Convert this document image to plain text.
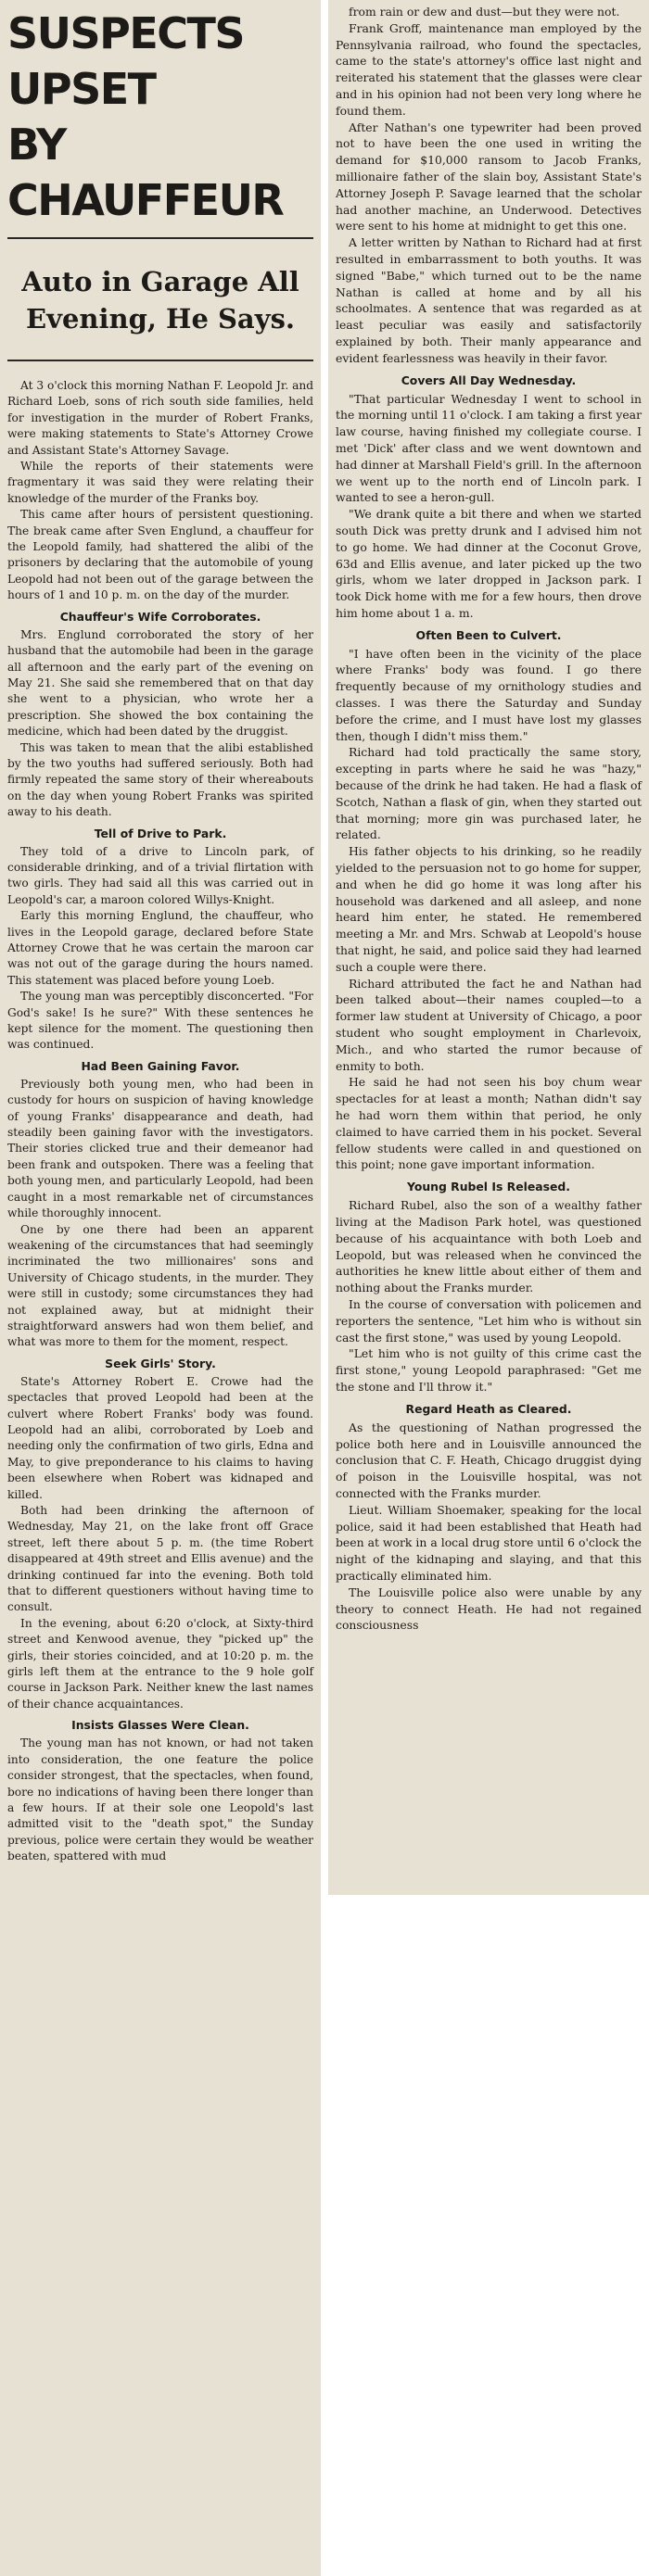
SUSPECTS UPSET
BY CHAUFFEUR
Auto in Garage All Evening, He Says.

At 3 o'clock this morning Nathan F. Leopold Jr. and Richard Loeb, sons of rich south side families, held for investigation in the murder of Robert Franks, were making statements to State's Attorney Crowe and Assistant State's Attorney Savage.

While the reports of their statements were fragmentary it was said they were relating their knowledge of the murder of the Franks boy.

This came after hours of persistent questioning. The break came after Sven Englund, a chauffeur for the Leopold family, had shattered the alibi of the prisoners by declaring that the automobile of young Leopold had not been out of the garage between the hours of 1 and 10 p. m. on the day of the murder.

Chauffeur's Wife Corroborates.

Mrs. Englund corroborated the story of her husband that the automobile had been in the garage all afternoon and the early part of the evening on May 21. She said she remembered that on that day she went to a physician, who wrote her a prescription. She showed the box containing the medicine, which had been dated by the druggist.

This was taken to mean that the alibi established by the two youths had suffered seriously. Both had firmly repeated the same story of their whereabouts on the day when young Robert Franks was spirited away to his death.

Tell of Drive to Park.

They told of a drive to Lincoln park, of considerable drinking, and of a trivial flirtation with two girls. They had said all this was carried out in Leopold's car, a maroon colored Willys-Knight.

Early this morning Englund, the chauffeur, who lives in the Leopold garage, declared before State Attorney Crowe that he was certain the maroon car was not out of the garage during the hours named. This statement was placed before young Loeb.

The young man was perceptibly disconcerted. "For God's sake! Is he sure?" With these sentences he kept silence for the moment. The questioning then was continued.

Had Been Gaining Favor.

Previously both young men, who had been in custody for hours on suspicion of having knowledge of young Franks' disappearance and death, had steadily been gaining favor with the investigators. Their stories clicked true and their demeanor had been frank and outspoken. There was a feeling that both young men, and particularly Leopold, had been caught in a most remarkable net of circumstances while thoroughly innocent.

One by one there had been an apparent weakening of the circumstances that had seemingly incriminated the two millionaires' sons and University of Chicago students, in the murder. They were still in custody; some circumstances they had not explained away, but at midnight their straightforward answers had won them belief, and what was more to them for the moment, respect.

Seek Girls' Story.

State's Attorney Robert E. Crowe had the spectacles that proved Leopold had been at the culvert where Robert Franks' body was found. Leopold had an alibi, corroborated by Loeb and needing only the confirmation of two girls, Edna and May, to give preponderance to his claims to having been elsewhere when Robert was kidnaped and killed.

Both had been drinking the afternoon of Wednesday, May 21, on the lake front off Grace street, left there about 5 p. m. (the time Robert disappeared at 49th street and Ellis avenue) and the drinking continued far into the evening. Both told that to different questioners without having time to consult.

In the evening, about 6:20 o'clock, at Sixty-third street and Kenwood avenue, they "picked up" the girls, their stories coincided, and at 10:20 p. m. the girls left them at the entrance to the 9 hole golf course in Jackson Park. Neither knew the last names of their chance acquaintances.

Insists Glasses Were Clean.

The young man has not known, or had not taken into consideration, the one feature the police consider strongest, that the spectacles, when found, bore no indications of having been there longer than a few hours. If at their sole one Leopold's last admitted visit to the "death spot," the Sunday previous, police were certain they would be weather beaten, spattered with mud

from rain or dew and dust—but they were not.

Frank Groff, maintenance man employed by the Pennsylvania railroad, who found the spectacles, came to the state's attorney's office last night and reiterated his statement that the glasses were clear and in his opinion had not been very long where he found them.

After Nathan's one typewriter had been proved not to have been the one used in writing the demand for $10,000 ransom to Jacob Franks, millionaire father of the slain boy, Assistant State's Attorney Joseph P. Savage learned that the scholar had another machine, an Underwood. Detectives were sent to his home at midnight to get this one.

A letter written by Nathan to Richard had at first resulted in embarrassment to both youths. It was signed "Babe," which turned out to be the name Nathan is called at home and by all his schoolmates. A sentence that was regarded as at least peculiar was easily and satisfactorily explained by both. Their manly appearance and evident fearlessness was heavily in their favor.

Covers All Day Wednesday.

"That particular Wednesday I went to school in the morning until 11 o'clock. I am taking a first year law course, having finished my collegiate course. I met 'Dick' after class and we went downtown and had dinner at Marshall Field's grill. In the afternoon we went up to the north end of Lincoln park. I wanted to see a heron-gull.

"We drank quite a bit there and when we started south Dick was pretty drunk and I advised him not to go home. We had dinner at the Coconut Grove, 63d and Ellis avenue, and later picked up the two girls, whom we later dropped in Jackson park. I took Dick home with me for a few hours, then drove him home about 1 a. m.

Often Been to Culvert.

"I have often been in the vicinity of the place where Franks' body was found. I go there frequently because of my ornithology studies and classes. I was there the Saturday and Sunday before the crime, and I must have lost my glasses then, though I didn't miss them."

Richard had told practically the same story, excepting in parts where he said he was "hazy," because of the drink he had taken. He had a flask of Scotch, Nathan a flask of gin, when they started out that morning; more gin was purchased later, he related.

His father objects to his drinking, so he readily yielded to the persuasion not to go home for supper, and when he did go home it was long after his household was darkened and all asleep, and none heard him enter, he stated. He remembered meeting a Mr. and Mrs. Schwab at Leopold's house that night, he said, and police said they had learned such a couple were there.

Richard attributed the fact he and Nathan had been talked about—their names coupled—to a former law student at University of Chicago, a poor student who sought employment in Charlevoix, Mich., and who started the rumor because of enmity to both.

He said he had not seen his boy chum wear spectacles for at least a month; Nathan didn't say he had worn them within that period, he only claimed to have carried them in his pocket. Several fellow students were called in and questioned on this point; none gave important information.

Young Rubel Is Released.

Richard Rubel, also the son of a wealthy father living at the Madison Park hotel, was questioned because of his acquaintance with both Loeb and Leopold, but was released when he convinced the authorities he knew little about either of them and nothing about the Franks murder.

In the course of conversation with policemen and reporters the sentence, "Let him who is without sin cast the first stone," was used by young Leopold.

"Let him who is not guilty of this crime cast the first stone," young Leopold paraphrased: "Get me the stone and I'll throw it."

Regard Heath as Cleared.

As the questioning of Nathan progressed the police both here and in Louisville announced the conclusion that C. F. Heath, Chicago druggist dying of poison in the Louisville hospital, was not connected with the Franks murder.

Lieut. William Shoemaker, speaking for the local police, said it had been established that Heath had been at work in a local drug store until 6 o'clock the night of the kidnaping and slaying, and that this practically eliminated him.

The Louisville police also were unable by any theory to connect Heath. He had not regained consciousness
